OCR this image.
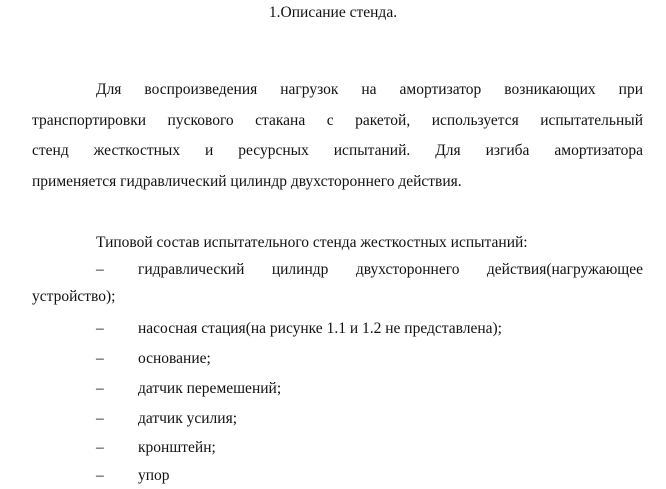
1.Описание стенда.
Для воспроизведения нагрузок на амортизатор возникающих при
транспортировки пускового стакана с ракетой, используется испытательный
стенд жесткостных и ресурсных испытаний. Для изгиба амортизатора
применяется гидравлический цилиндр двухстороннего действия.
Типовой состав испытательного стенда жесткостных испытаний:
– гидравлический цилиндр двухстороннего действия(нагружающее
устройство);
– насосная стация(на рисунке 1.1 и 1.2 не представлена);
– основание;
– датчик перемешений;
– датчик усилия;
– кронштейн;
– упор
